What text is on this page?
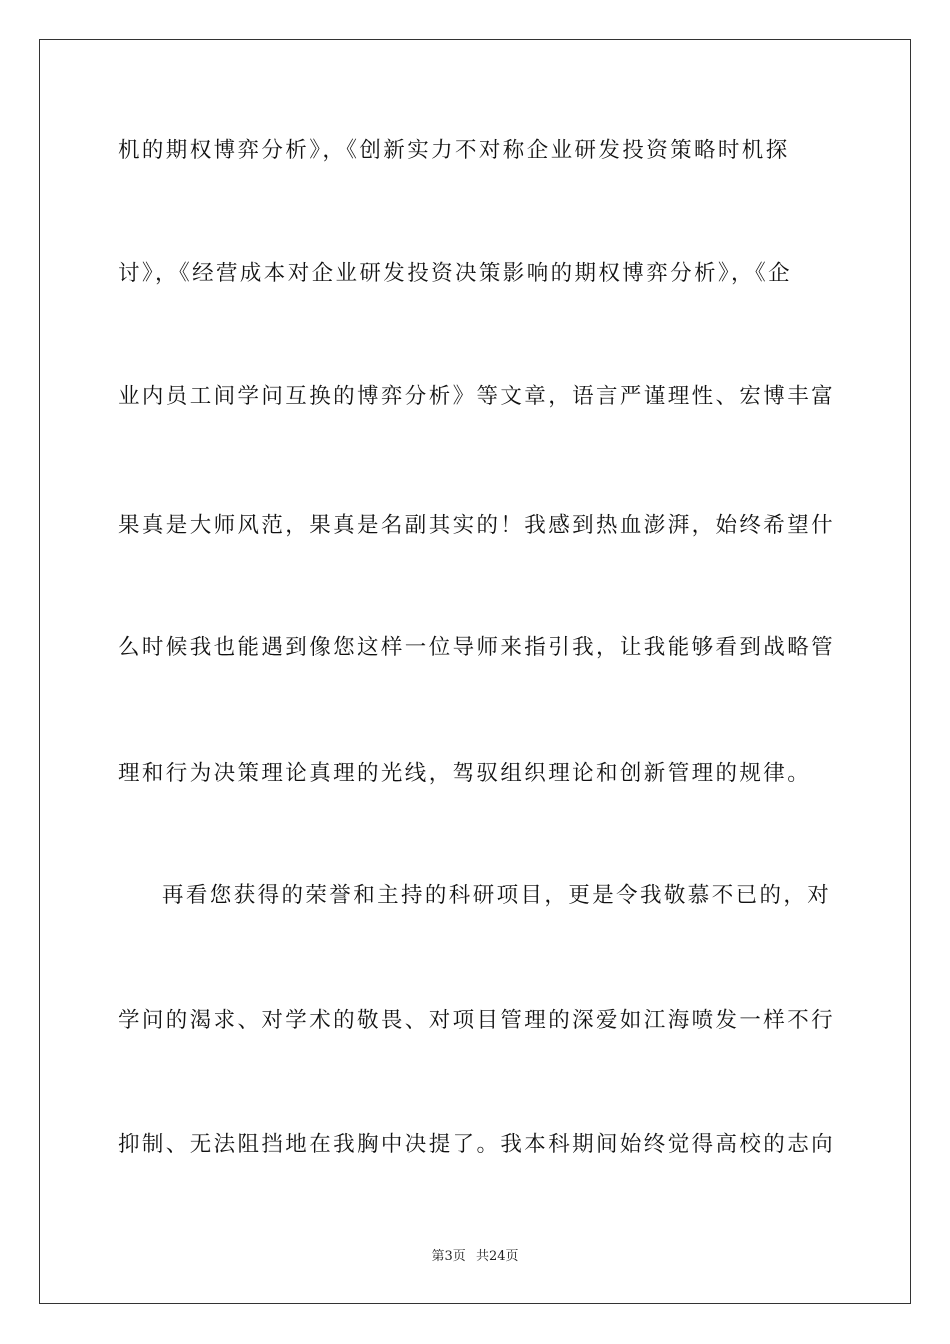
机的期权博弈分析》，《创新实力不对称企业研发投资策略时机探
讨》，《经营成本对企业研发投资决策影响的期权博弈分析》，《企
业内员工间学问互换的博弈分析》等文章，语言严谨理性、宏博丰富
果真是大师风范，果真是名副其实的！我感到热血澎湃，始终希望什
么时候我也能遇到像您这样一位导师来指引我，让我能够看到战略管
理和行为决策理论真理的光线，驾驭组织理论和创新管理的规律。
再看您获得的荣誉和主持的科研项目，更是令我敬慕不已的，对
学问的渴求、对学术的敬畏、对项目管理的深爱如江海喷发一样不行
抑制、无法阻挡地在我胸中决提了。我本科期间始终觉得高校的志向
第3页 共24页
